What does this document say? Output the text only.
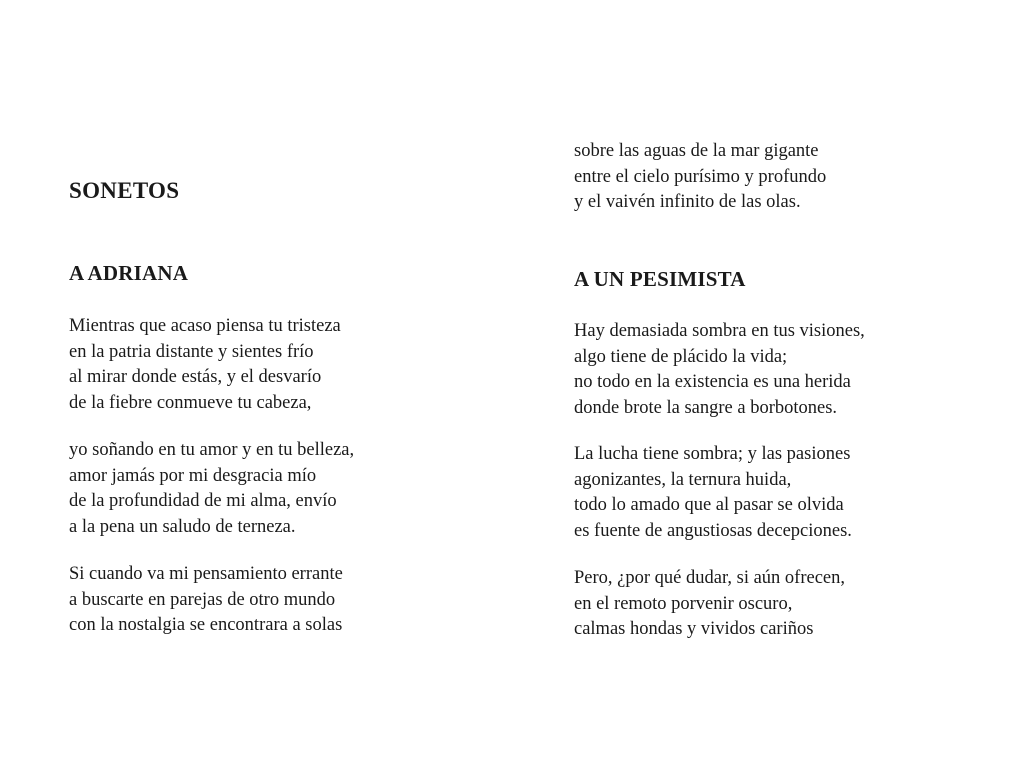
SONETOS
A ADRIANA
Mientras que acaso piensa tu tristeza
en la patria distante y sientes frío
al mirar donde estás, y el desvarío
de la fiebre conmueve tu cabeza,
yo soñando en tu amor y en tu belleza,
amor jamás por mi desgracia mío
de la profundidad de mi alma, envío
a la pena un saludo de terneza.
Si cuando va mi pensamiento errante
a buscarte en parejas de otro mundo
con la nostalgia se encontrara a solas
sobre las aguas de la mar gigante
entre el cielo purísimo y profundo
y el vaivén infinito de las olas.
A UN PESIMISTA
Hay demasiada sombra en tus visiones,
algo tiene de plácido la vida;
no todo en la existencia es una herida
donde brote la sangre a borbotones.
La lucha tiene sombra; y las pasiones
agonizantes, la ternura huida,
todo lo amado que al pasar se olvida
es fuente de angustiosas decepciones.
Pero, ¿por qué dudar, si aún ofrecen,
en el remoto porvenir oscuro,
calmas hondas y vividos cariños
